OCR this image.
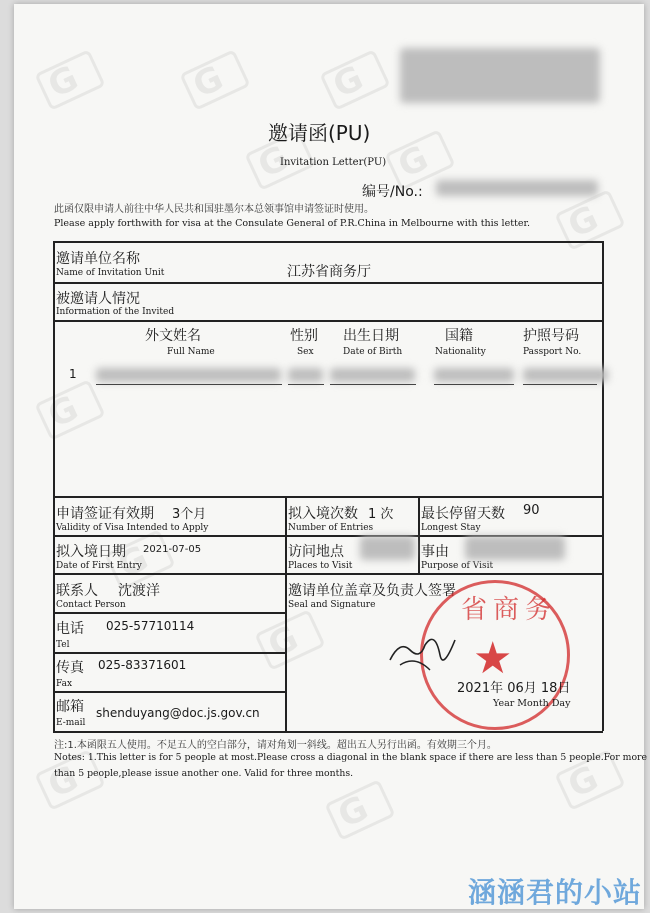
G
G
G
G
G
G
G
G
G
G
G
G
邀请函(PU)
Invitation Letter(PU)
编号/No.:
此函仅限申请人前往中华人民共和国驻墨尔本总领事馆申请签证时使用。
Please apply forthwith for visa at the Consulate General of P.R.China in Melbourne with this letter.
邀请单位名称
Name of Invitation Unit	江苏省商务厅
被邀请人情况
Information of the Invited
外文姓名
Full Name
性别
Sex
出生日期
Date of Birth
国籍
Nationality
护照号码
Passport No.
1
申请签证有效期 3个月
Validity of Visa Intended to Apply
拟入境次数 1 次
Number of Entries
最长停留天数 90
Longest Stay
拟入境日期 2021-07-05
Date of First Entry
访问地点
Places to Visit
事由
Purpose of Visit
联系人 沈渡洋
Contact Person
邀请单位盖章及负责人签署
Seal and Signature
电话 025-57710114
Tel
传真 025-83371601
Fax
邮箱 shenduyang@doc.js.gov.cn
E-mail
省商务
★
2021年 06月 18日
Year Month Day
注:1.本函限五人使用。不足五人的空白部分，请对角划一斜线。超出五人另行出函。有效期三个月。
Notes: 1.This letter is for 5 people at most.Please cross a diagonal in the blank space if there are less than 5 people.For more
than 5 people,please issue another one. Valid for three months.
涵涵君的小站
